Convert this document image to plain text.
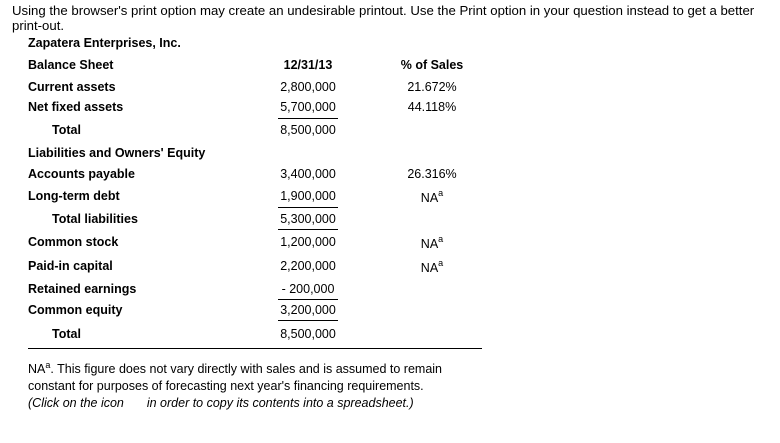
Using the browser's print option may create an undesirable printout. Use the Print option in your question instead to get a better print-out.
Zapatera Enterprises, Inc.
Balance Sheet	12/31/13	% of Sales
Current assets	2,800,000	21.672%
Net fixed assets	5,700,000	44.118%
Total	8,500,000
Liabilities and Owners' Equity
Accounts payable	3,400,000	26.316%
Long-term debt	1,900,000	$NA^a$
Total liabilities	5,300,000
Common stock	1,200,000	$NA^a$
Paid-in capital	2,200,000	$NA^a$
Retained earnings	- 200,000
Common equity	3,200,000
Total	8,500,000
$NA^a$. This figure does not vary directly with sales and is assumed to remain constant for purposes of forecasting next year's financing requirements.
(Click on the icon in order to copy its contents into a spreadsheet.)
